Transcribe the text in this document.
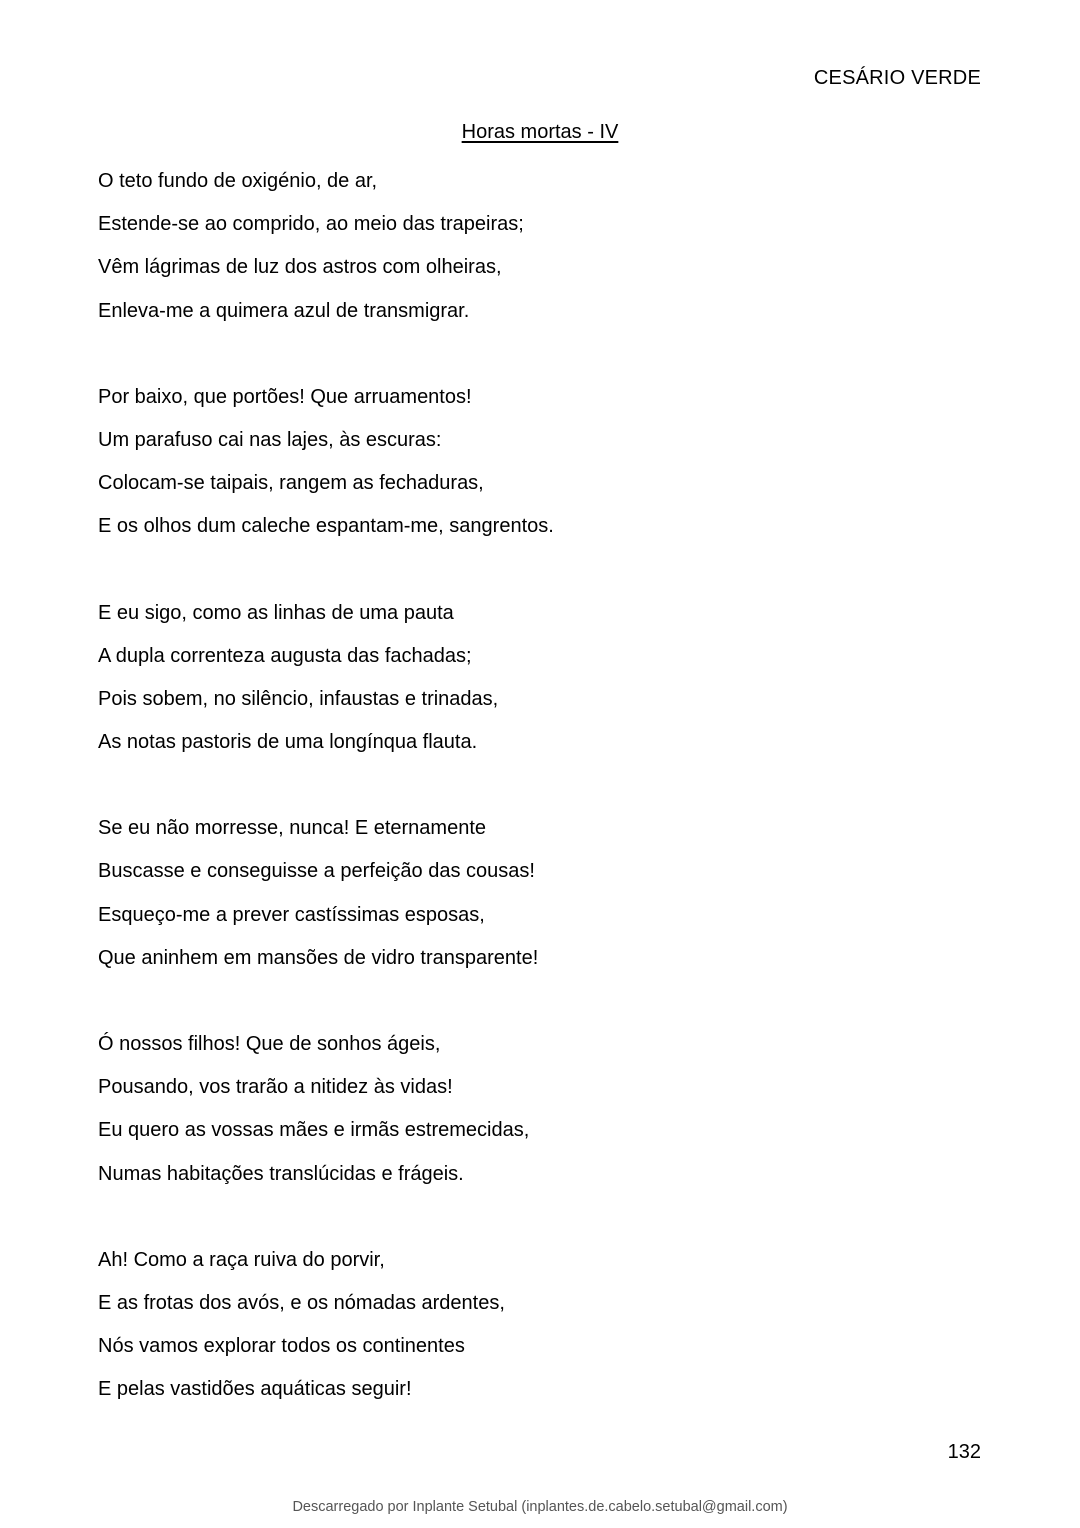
CESÁRIO VERDE
Horas mortas - IV
O teto fundo de oxigénio, de ar,
Estende-se ao comprido, ao meio das trapeiras;
Vêm lágrimas de luz dos astros com olheiras,
Enleva-me a quimera azul de transmigrar.
Por baixo, que portões! Que arruamentos!
Um parafuso cai nas lajes, às escuras:
Colocam-se taipais, rangem as fechaduras,
E os olhos dum caleche espantam-me, sangrentos.
E eu sigo, como as linhas de uma pauta
A dupla correnteza augusta das fachadas;
Pois sobem, no silêncio, infaustas e trinadas,
As notas pastoris de uma longínqua flauta.
Se eu não morresse, nunca! E eternamente
Buscasse e conseguisse a perfeição das cousas!
Esqueço-me a prever castíssimas esposas,
Que aninhem em mansões de vidro transparente!
Ó nossos filhos! Que de sonhos ágeis,
Pousando, vos trarão a nitidez às vidas!
Eu quero as vossas mães e irmãs estremecidas,
Numas habitações translúcidas e frágeis.
Ah! Como a raça ruiva do porvir,
E as frotas dos avós, e os nómadas ardentes,
Nós vamos explorar todos os continentes
E pelas vastidões aquáticas seguir!
132
Descarregado por Inplante Setubal (inplantes.de.cabelo.setubal@gmail.com)
